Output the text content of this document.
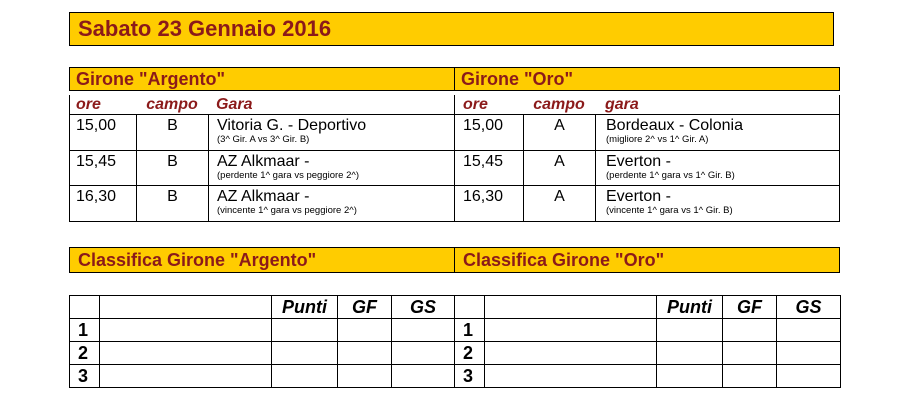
Sabato 23 Gennaio 2016
Girone "Argento"
ore	campo	Gara
15,00	B	Vitoria G. - Deportivo
(3^ Gir. A vs 3^ Gir. B)
15,45	B	AZ Alkmaar -
(perdente 1^ gara vs peggiore 2^)
16,30	B	AZ Alkmaar -
(vincente 1^ gara vs peggiore 2^)
Girone "Oro"
ore	campo	gara
15,00	A	Bordeaux - Colonia
(migliore 2^ vs 1^ Gir. A)
15,45	A	Everton -
(perdente 1^ gara vs 1^ Gir. B)
16,30	A	Everton -
(vincente 1^ gara vs 1^ Gir. B)
Classifica Girone "Argento"	Classifica Girone "Oro"
		Punti	GF	GS
1				
2				
3				
		Punti	GF	GS
1				
2				
3				
